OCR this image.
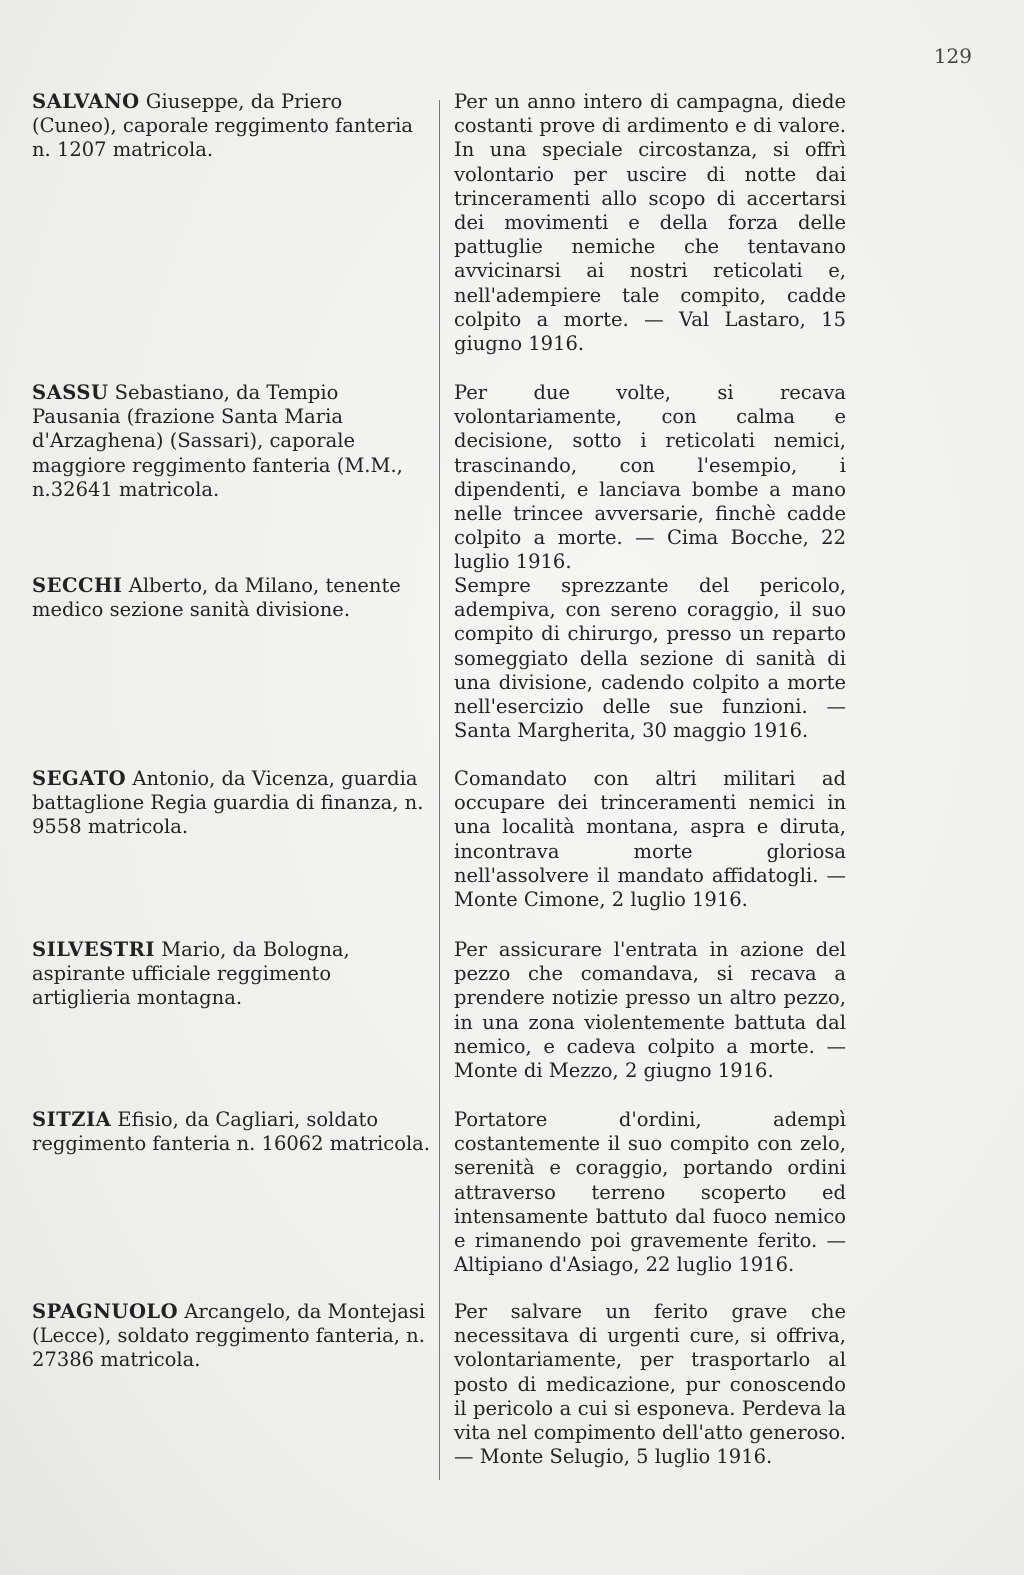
129

SALVANO Giuseppe, da Priero (Cuneo), caporale reggimento fanteria n. 1207 matricola.

Per un anno intero di campagna, diede costanti prove di ardimento e di valore. In una speciale circostanza, si offrì volontario per uscire di notte dai trinceramenti allo scopo di accertarsi dei movimenti e della forza delle pattuglie nemiche che tentavano avvicinarsi ai nostri reticolati e, nell'adempiere tale compito, cadde colpito a morte. — Val Lastaro, 15 giugno 1916.

SASSU Sebastiano, da Tempio Pausania (frazione Santa Maria d'Arzaghena) (Sassari), caporale maggiore reggimento fanteria (M.M., n.32641 matricola.

Per due volte, si recava volontariamente, con calma e decisione, sotto i reticolati nemici, trascinando, con l'esempio, i dipendenti, e lanciava bombe a mano nelle trincee avversarie, finchè cadde colpito a morte. — Cima Bocche, 22 luglio 1916.

SECCHI Alberto, da Milano, tenente medico sezione sanità divisione.

Sempre sprezzante del pericolo, adempiva, con sereno coraggio, il suo compito di chirurgo, presso un reparto someggiato della sezione di sanità di una divisione, cadendo colpito a morte nell'esercizio delle sue funzioni. — Santa Margherita, 30 maggio 1916.

SEGATO Antonio, da Vicenza, guardia battaglione Regia guardia di finanza, n. 9558 matricola.

Comandato con altri militari ad occupare dei trinceramenti nemici in una località montana, aspra e diruta, incontrava morte gloriosa nell'assolvere il mandato affidatogli. — Monte Cimone, 2 luglio 1916.

SILVESTRI Mario, da Bologna, aspirante ufficiale reggimento artiglieria montagna.

Per assicurare l'entrata in azione del pezzo che comandava, si recava a prendere notizie presso un altro pezzo, in una zona violentemente battuta dal nemico, e cadeva colpito a morte. — Monte di Mezzo, 2 giugno 1916.

SITZIA Efisio, da Cagliari, soldato reggimento fanteria n. 16062 matricola.

Portatore d'ordini, adempì costantemente il suo compito con zelo, serenità e coraggio, portando ordini attraverso terreno scoperto ed intensamente battuto dal fuoco nemico e rimanendo poi gravemente ferito. — Altipiano d'Asiago, 22 luglio 1916.

SPAGNUOLO Arcangelo, da Montejasi (Lecce), soldato reggimento fanteria, n. 27386 matricola.

Per salvare un ferito grave che necessitava di urgenti cure, si offriva, volontariamente, per trasportarlo al posto di medicazione, pur conoscendo il pericolo a cui si esponeva. Perdeva la vita nel compimento dell'atto generoso. — Monte Selugio, 5 luglio 1916.
